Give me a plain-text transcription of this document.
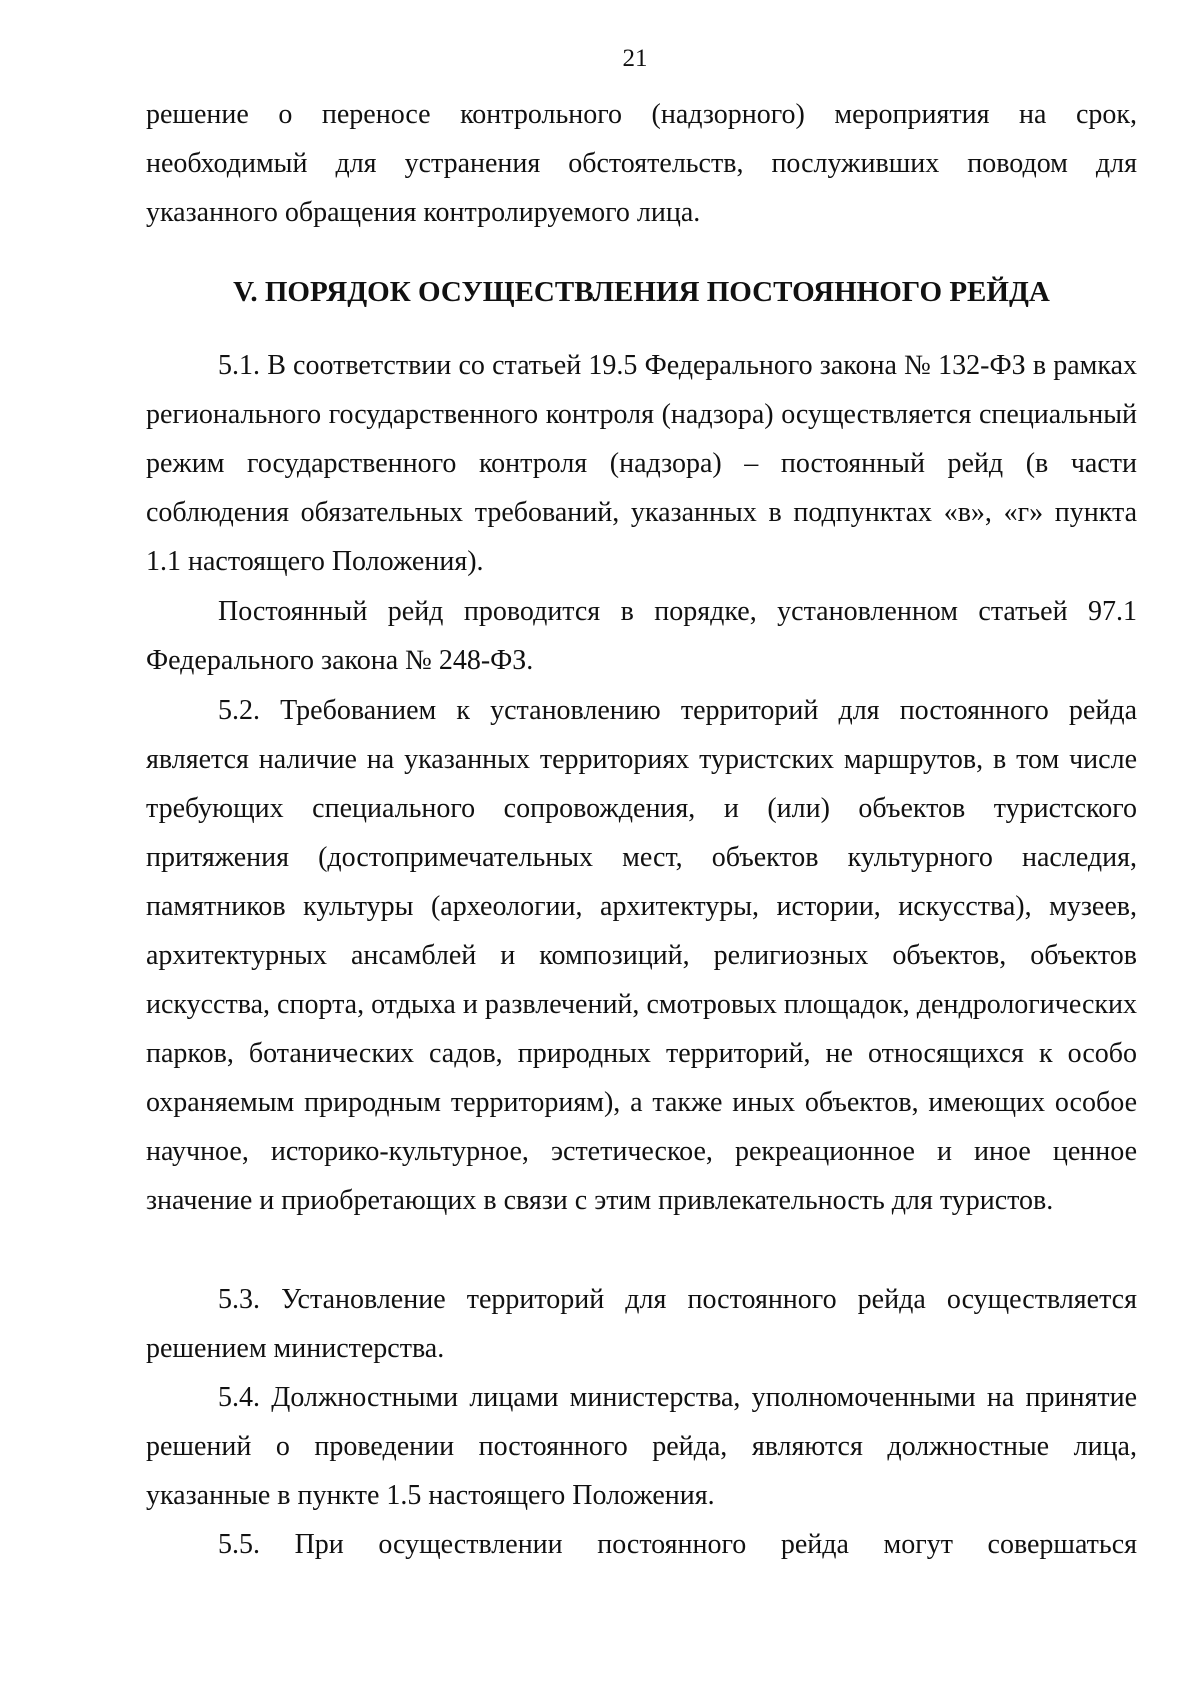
21
решение о переносе контрольного (надзорного) мероприятия на срок, необходимый для устранения обстоятельств, послуживших поводом для указанного обращения контролируемого лица.
V. ПОРЯДОК ОСУЩЕСТВЛЕНИЯ ПОСТОЯННОГО РЕЙДА
5.1. В соответствии со статьей 19.5 Федерального закона № 132-ФЗ в рамках регионального государственного контроля (надзора) осуществляется специальный режим государственного контроля (надзора) – постоянный рейд (в части соблюдения обязательных требований, указанных в подпунктах «в», «г» пункта 1.1 настоящего Положения).
Постоянный рейд проводится в порядке, установленном статьей 97.1 Федерального закона № 248-ФЗ.
5.2. Требованием к установлению территорий для постоянного рейда является наличие на указанных территориях туристских маршрутов, в том числе требующих специального сопровождения, и (или) объектов туристского притяжения (достопримечательных мест, объектов культурного наследия, памятников культуры (археологии, архитектуры, истории, искусства), музеев, архитектурных ансамблей и композиций, религиозных объектов, объектов искусства, спорта, отдыха и развлечений, смотровых площадок, дендрологических парков, ботанических садов, природных территорий, не относящихся к особо охраняемым природным территориям), а также иных объектов, имеющих особое научное, историко-культурное, эстетическое, рекреационное и иное ценное значение и приобретающих в связи с этим привлекательность для туристов.
5.3. Установление территорий для постоянного рейда осуществляется решением министерства.
5.4. Должностными лицами министерства, уполномоченными на принятие решений о проведении постоянного рейда, являются должностные лица, указанные в пункте 1.5 настоящего Положения.
5.5. При осуществлении постоянного рейда могут совершаться
